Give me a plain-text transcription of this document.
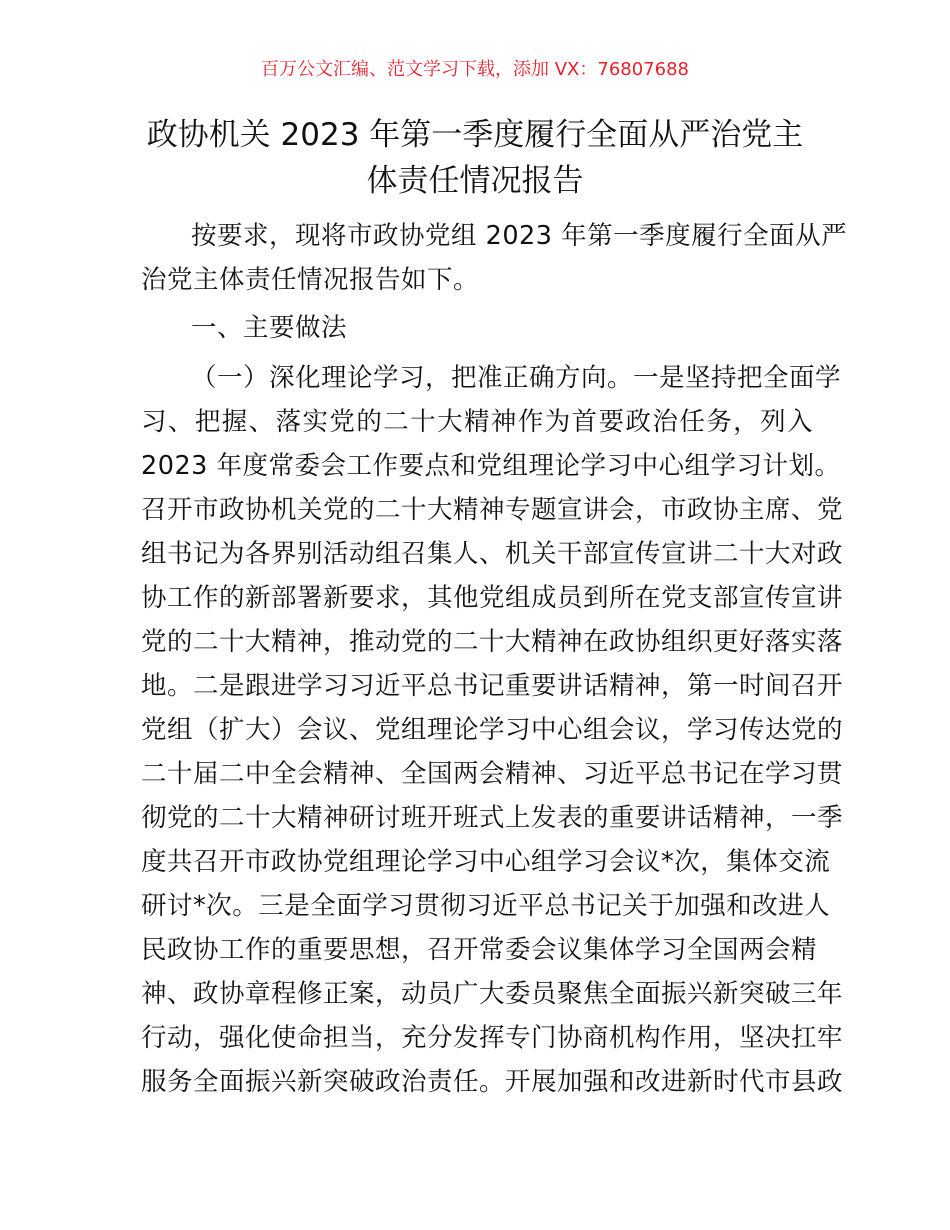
百万公文汇编、范文学习下载，添加 VX：76807688
政协机关 2023 年第一季度履行全面从严治党主
体责任情况报告
按要求，现将市政协党组 2023 年第一季度履行全面从严
治党主体责任情况报告如下。
一、主要做法
（一）深化理论学习，把准正确方向。一是坚持把全面学
习、把握、落实党的二十大精神作为首要政治任务，列入
2023 年度常委会工作要点和党组理论学习中心组学习计划。
召开市政协机关党的二十大精神专题宣讲会，市政协主席、党
组书记为各界别活动组召集人、机关干部宣传宣讲二十大对政
协工作的新部署新要求，其他党组成员到所在党支部宣传宣讲
党的二十大精神，推动党的二十大精神在政协组织更好落实落
地。二是跟进学习习近平总书记重要讲话精神，第一时间召开
党组（扩大）会议、党组理论学习中心组会议，学习传达党的
二十届二中全会精神、全国两会精神、习近平总书记在学习贯
彻党的二十大精神研讨班开班式上发表的重要讲话精神，一季
度共召开市政协党组理论学习中心组学习会议*次，集体交流
研讨*次。三是全面学习贯彻习近平总书记关于加强和改进人
民政协工作的重要思想，召开常委会议集体学习全国两会精
神、政协章程修正案，动员广大委员聚焦全面振兴新突破三年
行动，强化使命担当，充分发挥专门协商机构作用，坚决扛牢
服务全面振兴新突破政治责任。开展加强和改进新时代市县政
